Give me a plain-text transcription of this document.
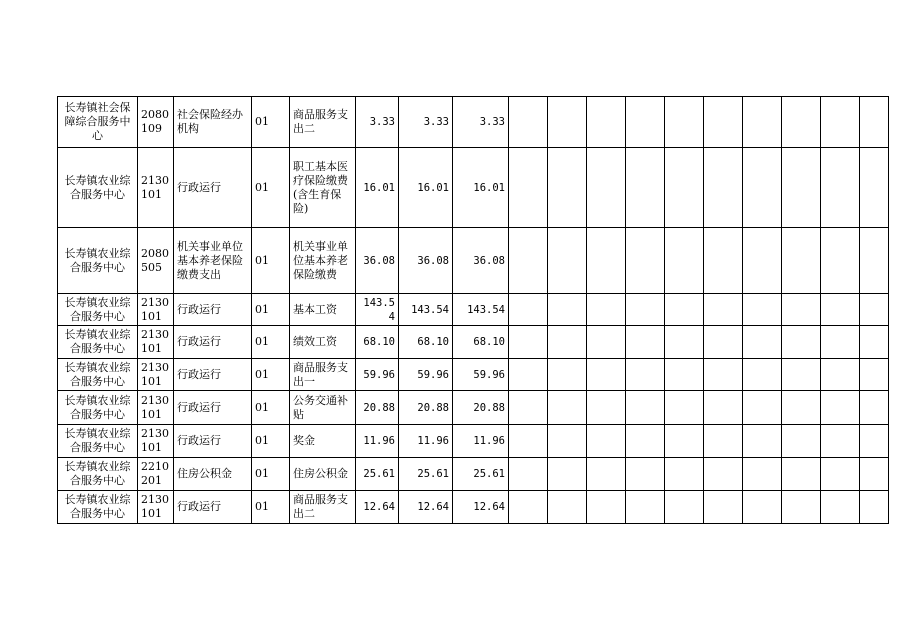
长寿镇社会保障综合服务中心	2080109	社会保险经办机构	01	商品服务支出二	3.33	3.33	3.33										
长寿镇农业综合服务中心	2130101	行政运行	01	职工基本医疗保险缴费(含生育保险)	16.01	16.01	16.01										
长寿镇农业综合服务中心	2080505	机关事业单位基本养老保险缴费支出	01	机关事业单位基本养老保险缴费	36.08	36.08	36.08										
长寿镇农业综合服务中心	2130101	行政运行	01	基本工资	143.54	143.54	143.54										
长寿镇农业综合服务中心	2130101	行政运行	01	绩效工资	68.10	68.10	68.10										
长寿镇农业综合服务中心	2130101	行政运行	01	商品服务支出一	59.96	59.96	59.96										
长寿镇农业综合服务中心	2130101	行政运行	01	公务交通补贴	20.88	20.88	20.88										
长寿镇农业综合服务中心	2130101	行政运行	01	奖金	11.96	11.96	11.96										
长寿镇农业综合服务中心	2210201	住房公积金	01	住房公积金	25.61	25.61	25.61										
长寿镇农业综合服务中心	2130101	行政运行	01	商品服务支出二	12.64	12.64	12.64										
